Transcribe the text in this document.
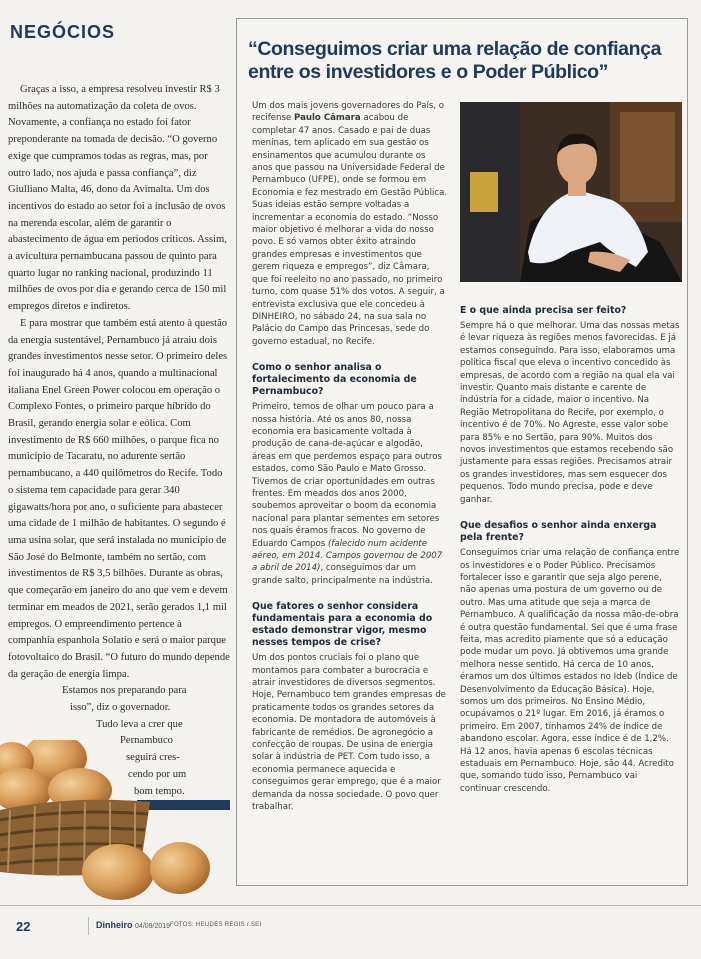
NEGÓCIOS

Graças a isso, a empresa resolveu investir R$ 3 milhões na automatização da coleta de ovos. Novamente, a confiança no estado foi fator preponderante na tomada de decisão. “O governo exige que cumpramos todas as regras, mas, por outro lado, nos ajuda e passa confiança”, diz Giulliano Malta, 46, dono da Avimalta. Um dos incentivos do estado ao setor foi a inclusão de ovos na merenda escolar, além de garantir o abastecimento de água em períodos críticos. Assim, a avicultura pernambucana passou de quinto para quarto lugar no ranking nacional, produzindo 11 milhões de ovos por dia e gerando cerca de 150 mil empregos diretos e indiretos.

E para mostrar que também está atento à questão da energia sustentável, Pernambuco já atraiu dois grandes investimentos nesse setor. O primeiro deles foi inaugurado há 4 anos, quando a multinacional italiana Enel Green Power colocou em operação o Complexo Fontes, o primeiro parque híbrido do Brasil, gerando energia solar e eólica. Com investimento de R$ 660 milhões, o parque fica no município de Tacaratu, no adurente sertão pernambucano, a 440 quilômetros do Recife. Todo o sistema tem capacidade para gerar 340 gigawatts/hora por ano, o suficiente para abastecer uma cidade de 1 milhão de habitantes. O segundo é uma usina solar, que será instalada no município de São José do Belmonte, também no sertão, com investimentos de R$ 3,5 bilhões. Durante as obras, que começarão em janeiro do ano que vem e devem terminar em meados de 2021, serão gerados 1,1 mil empregos. O empreendimento pertence à companhia espanhola Solatio e será o maior parque fotovoltaico do Brasil. “O futuro do mundo depende da geração de energia limpa.

Estamos nos preparando para
isso”, diz o governador.
Tudo leva a crer que
Pernambuco
seguirá cres-
cendo por um
bom tempo.
“Conseguimos criar uma relação de confiança entre os investidores e o Poder Público”

Um dos mais jovens governadores do País, o recifense Paulo Câmara acabou de completar 47 anos. Casado e pai de duas meninas, tem aplicado em sua gestão os ensinamentos que acumulou durante os anos que passou na Universidade Federal de Pernambuco (UFPE), onde se formou em Economia e fez mestrado em Gestão Pública. Suas ideias estão sempre voltadas a incrementar a economia do estado. “Nosso maior objetivo é melhorar a vida do nosso povo. E só vamos obter êxito atraindo grandes empresas e investimentos que gerem riqueza e empregos”, diz Câmara, que foi reeleito no ano passado, no primeiro turno, com quase 51% dos votos. A seguir, a entrevista exclusiva que ele concedeu à DINHEIRO, no sábado 24, na sua sala no Palácio do Campo das Princesas, sede do governo estadual, no Recife.

Como o senhor analisa o fortalecimento da economia de Pernambuco?

Primeiro, temos de olhar um pouco para a nossa história. Até os anos 80, nossa economia era basicamente voltada à produção de cana-de-açúcar e algodão, áreas em que perdemos espaço para outros estados, como São Paulo e Mato Grosso. Tivemos de criar oportunidades em outras frentes. Em meados dos anos 2000, soubemos aproveitar o boom da economia nacional para plantar sementes em setores nos quais éramos fracos. No governo de Eduardo Campos (falecido num acidente aéreo, em 2014. Campos governou de 2007 a abril de 2014), conseguimos dar um grande salto, principalmente na indústria.

Que fatores o senhor considera fundamentais para a economia do estado demonstrar vigor, mesmo nesses tempos de crise?

Um dos pontos cruciais foi o plano que montamos para combater a burocracia e atrair investidores de diversos segmentos. Hoje, Pernambuco tem grandes empresas de praticamente todos os grandes setores da economia. De montadora de automóveis à fabricante de remédios. De agronegócio a confecção de roupas. De usina de energia solar à indústria de PET. Com tudo isso, a economia permanece aquecida e conseguimos gerar emprego, que é a maior demanda da nossa sociedade. O povo quer trabalhar.

E o que ainda precisa ser feito?

Sempre há o que melhorar. Uma das nossas metas é levar riqueza às regiões menos favorecidas. E já estamos conseguindo. Para isso, elaboramos uma política fiscal que eleva o incentivo concedido às empresas, de acordo com a região na qual ela vai investir. Quanto mais distante e carente de indústria for a cidade, maior o incentivo. Na Região Metropolitana do Recife, por exemplo, o incentivo é de 70%. No Agreste, esse valor sobe para 85% e no Sertão, para 90%. Muitos dos novos investimentos que estamos recebendo são justamente para essas regiões. Precisamos atrair os grandes investidores, mas sem esquecer dos pequenos. Todo mundo precisa, pode e deve ganhar.

Que desafios o senhor ainda enxerga pela frente?

Conseguimos criar uma relação de confiança entre os investidores e o Poder Público. Precisamos fortalecer isso e garantir que seja algo perene, não apenas uma postura de um governo ou de outro. Mas uma atitude que seja a marca de Pernambuco. A qualificação da nossa mão-de-obra é outra questão fundamental. Sei que é uma frase feita, mas acredito piamente que só a educação pode mudar um povo. Já obtivemos uma grande melhora nesse sentido. Há cerca de 10 anos, éramos um dos últimos estados no Ideb (Índice de Desenvolvimento da Educação Básica). Hoje, somos um dos primeiros. No Ensino Médio, ocupávamos o 21º lugar. Em 2016, já éramos o primeiro. Em 2007, tínhamos 24% de índice de abandono escolar. Agora, esse índice é de 1,2%. Há 12 anos, havia apenas 6 escolas técnicas estaduais em Pernambuco. Hoje, são 44. Acredito que, somando tudo isso, Pernambuco vai continuar crescendo.

22	Dinheiro 04/09/2019 FOTOS: HEUDES REGIS / SEI
